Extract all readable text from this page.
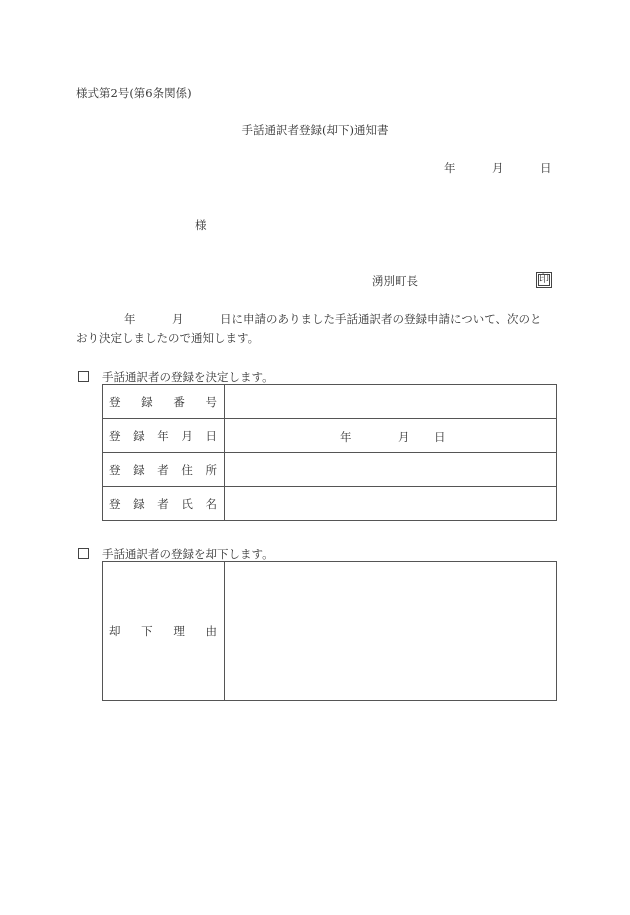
様式第2号(第6条関係)
手話通訳者登録(却下)通知書
年	月	日
様
湧別町長	印
年	月	日に申請のありました手話通訳者の登録申請について、次のと
おり決定しましたので通知します。
手話通訳者の登録を決定します。
登 録 番 号	

登 録 年 月 日	年 月 日

登 録 者 住 所	

登 録 者 氏 名	

手話通訳者の登録を却下します。
却 下 理 由
